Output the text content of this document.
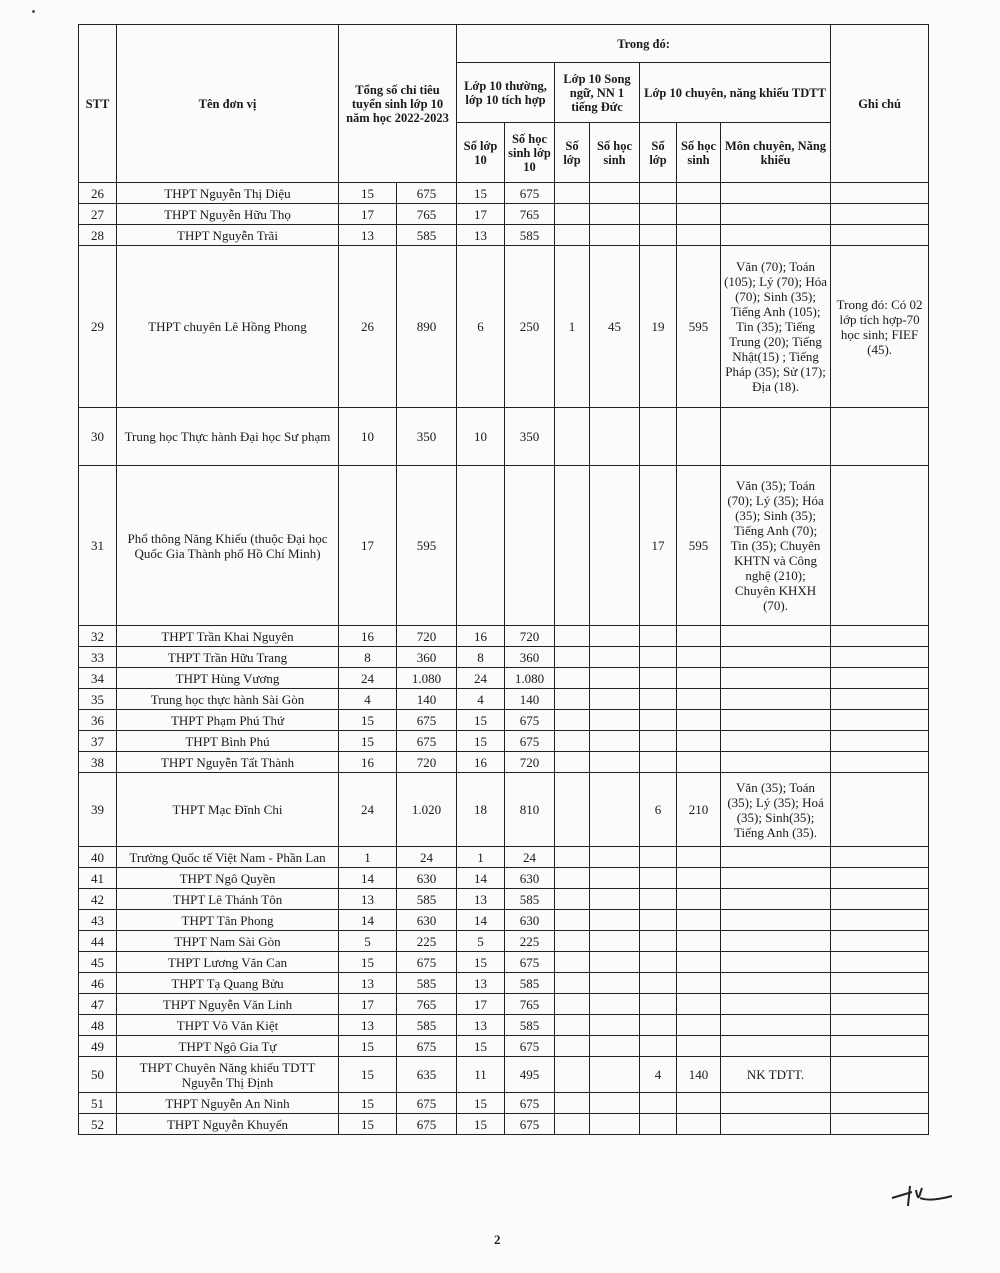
STT	Tên đơn vị	Tổng số chỉ tiêu tuyển sinh lớp 10 năm học 2022-2023		Trong đó:							Ghi chú
				Lớp 10 thường, lớp 10 tích hợp		Lớp 10 Song ngữ, NN 1 tiếng Đức		Lớp 10 chuyên, năng khiếu TDTT			
				Số lớp 10	Số học sinh lớp 10	Số lớp	Số học sinh	Số lớp	Số học sinh	Môn chuyên, Năng khiếu	
26	THPT Nguyễn Thị Diệu	15	675	15	675						
27	THPT Nguyễn Hữu Thọ	17	765	17	765						
28	THPT Nguyễn Trãi	13	585	13	585						
29	THPT chuyên Lê Hồng Phong	26	890	6	250	1	45	19	595	Văn (70); Toán (105); Lý (70); Hóa (70); Sinh (35); Tiếng Anh (105); Tin (35); Tiếng Trung (20); Tiếng Nhật(15) ; Tiếng Pháp (35); Sử (17); Địa (18).	Trong đó: Có 02 lớp tích hợp-70 học sinh; FIEF (45).
30	Trung học Thực hành Đại học Sư phạm	10	350	10	350						
31	Phổ thông Năng Khiếu (thuộc Đại học Quốc Gia Thành phố Hồ Chí Minh)	17	595					17	595	Văn (35); Toán (70); Lý (35); Hóa (35); Sinh (35); Tiếng Anh (70); Tin (35); Chuyên KHTN và Công nghệ (210); Chuyên KHXH (70).	
32	THPT Trần Khai Nguyên	16	720	16	720						
33	THPT Trần Hữu Trang	8	360	8	360						
34	THPT Hùng Vương	24	1.080	24	1.080						
35	Trung học thực hành Sài Gòn	4	140	4	140						
36	THPT Phạm Phú Thứ	15	675	15	675						
37	THPT Bình Phú	15	675	15	675						
38	THPT Nguyễn Tất Thành	16	720	16	720						
39	THPT Mạc Đĩnh Chi	24	1.020	18	810			6	210	Văn (35); Toán (35); Lý (35); Hoá (35); Sinh(35); Tiếng Anh (35).	
40	Trường Quốc tế Việt Nam - Phần Lan	1	24	1	24						
41	THPT Ngô Quyền	14	630	14	630						
42	THPT Lê Thánh Tôn	13	585	13	585						
43	THPT Tân Phong	14	630	14	630						
44	THPT Nam Sài Gòn	5	225	5	225						
45	THPT Lương Văn Can	15	675	15	675						
46	THPT Tạ Quang Bửu	13	585	13	585						
47	THPT Nguyễn Văn Linh	17	765	17	765						
48	THPT Võ Văn Kiệt	13	585	13	585						
49	THPT Ngô Gia Tự	15	675	15	675						
50	THPT Chuyên Năng khiếu TDTT Nguyễn Thị Định	15	635	11	495			4	140	NK TDTT.	
51	THPT Nguyễn An Ninh	15	675	15	675						
52	THPT Nguyễn Khuyến	15	675	15	675						
2
